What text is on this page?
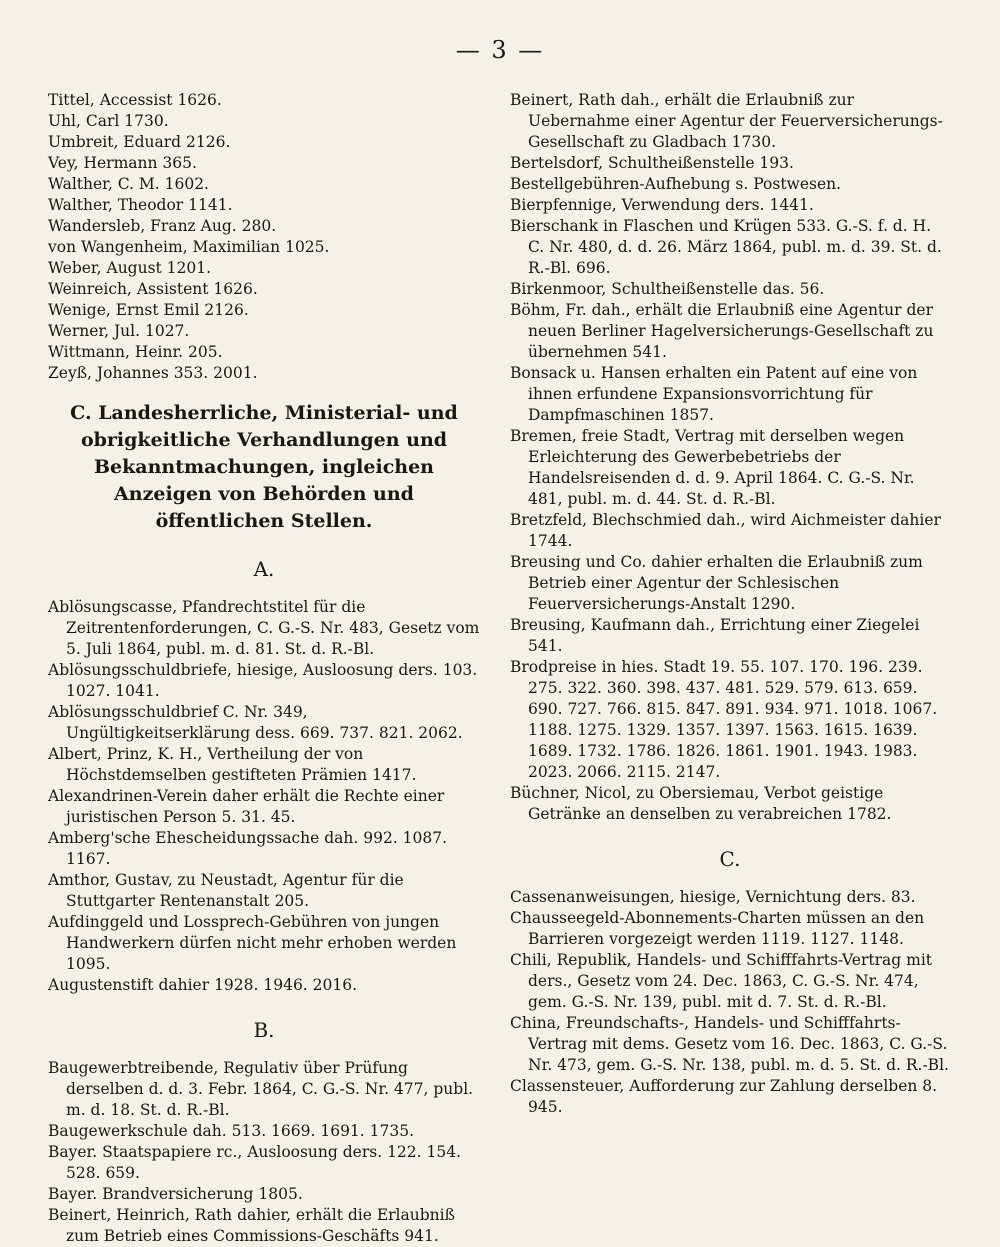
— 3 —

Tittel, Accessist 1626.

Uhl, Carl 1730.

Umbreit, Eduard 2126.

Vey, Hermann 365.

Walther, C. M. 1602.

Walther, Theodor 1141.

Wandersleb, Franz Aug. 280.

von Wangenheim, Maximilian 1025.

Weber, August 1201.

Weinreich, Assistent 1626.

Wenige, Ernst Emil 2126.

Werner, Jul. 1027.

Wittmann, Heinr. 205.

Zeyß, Johannes 353. 2001.

C. Landesherrliche, Ministerial- und obrigkeitliche Verhandlungen und Bekanntmachungen, ingleichen Anzeigen von Behörden und öffentlichen Stellen.
A.

Ablösungscasse, Pfandrechtstitel für die Zeitrentenforderungen, C. G.-S. Nr. 483, Gesetz vom 5. Juli 1864, publ. m. d. 81. St. d. R.-Bl.

Ablösungsschuldbriefe, hiesige, Ausloosung ders. 103. 1027. 1041.

Ablösungsschuldbrief C. Nr. 349, Ungültigkeitserklärung dess. 669. 737. 821. 2062.

Albert, Prinz, K. H., Vertheilung der von Höchstdemselben gestifteten Prämien 1417.

Alexandrinen-Verein daher erhält die Rechte einer juristischen Person 5. 31. 45.

Amberg'sche Ehescheidungssache dah. 992. 1087. 1167.

Amthor, Gustav, zu Neustadt, Agentur für die Stuttgarter Rentenanstalt 205.

Aufdinggeld und Lossprech-Gebühren von jungen Handwerkern dürfen nicht mehr erhoben werden 1095.

Augustenstift dahier 1928. 1946. 2016.

B.

Baugewerbtreibende, Regulativ über Prüfung derselben d. d. 3. Febr. 1864, C. G.-S. Nr. 477, publ. m. d. 18. St. d. R.-Bl.

Baugewerkschule dah. 513. 1669. 1691. 1735.

Bayer. Staatspapiere rc., Ausloosung ders. 122. 154. 528. 659.

Bayer. Brandversicherung 1805.

Beinert, Heinrich, Rath dahier, erhält die Erlaubniß zum Betrieb eines Commissions-Geschäfts 941.

Beinert, Rath dah., erhält die Erlaubniß zur Uebernahme einer Agentur der Feuerversicherungs-Gesellschaft zu Gladbach 1730.

Bertelsdorf, Schultheißenstelle 193.

Bestellgebühren-Aufhebung s. Postwesen.

Bierpfennige, Verwendung ders. 1441.

Bierschank in Flaschen und Krügen 533. G.-S. f. d. H. C. Nr. 480, d. d. 26. März 1864, publ. m. d. 39. St. d. R.-Bl. 696.

Birkenmoor, Schultheißenstelle das. 56.

Böhm, Fr. dah., erhält die Erlaubniß eine Agentur der neuen Berliner Hagelversicherungs-Gesellschaft zu übernehmen 541.

Bonsack u. Hansen erhalten ein Patent auf eine von ihnen erfundene Expansionsvorrichtung für Dampfmaschinen 1857.

Bremen, freie Stadt, Vertrag mit derselben wegen Erleichterung des Gewerbebetriebs der Handelsreisenden d. d. 9. April 1864. C. G.-S. Nr. 481, publ. m. d. 44. St. d. R.-Bl.

Bretzfeld, Blechschmied dah., wird Aichmeister dahier 1744.

Breusing und Co. dahier erhalten die Erlaubniß zum Betrieb einer Agentur der Schlesischen Feuerversicherungs-Anstalt 1290.

Breusing, Kaufmann dah., Errichtung einer Ziegelei 541.

Brodpreise in hies. Stadt 19. 55. 107. 170. 196. 239. 275. 322. 360. 398. 437. 481. 529. 579. 613. 659. 690. 727. 766. 815. 847. 891. 934. 971. 1018. 1067. 1188. 1275. 1329. 1357. 1397. 1563. 1615. 1639. 1689. 1732. 1786. 1826. 1861. 1901. 1943. 1983. 2023. 2066. 2115. 2147.

Büchner, Nicol, zu Obersiemau, Verbot geistige Getränke an denselben zu verabreichen 1782.

C.

Cassenanweisungen, hiesige, Vernichtung ders. 83.

Chausseegeld-Abonnements-Charten müssen an den Barrieren vorgezeigt werden 1119. 1127. 1148.

Chili, Republik, Handels- und Schifffahrts-Vertrag mit ders., Gesetz vom 24. Dec. 1863, C. G.-S. Nr. 474, gem. G.-S. Nr. 139, publ. mit d. 7. St. d. R.-Bl.

China, Freundschafts-, Handels- und Schifffahrts-Vertrag mit dems. Gesetz vom 16. Dec. 1863, C. G.-S. Nr. 473, gem. G.-S. Nr. 138, publ. m. d. 5. St. d. R.-Bl.

Classensteuer, Aufforderung zur Zahlung derselben 8. 945.
